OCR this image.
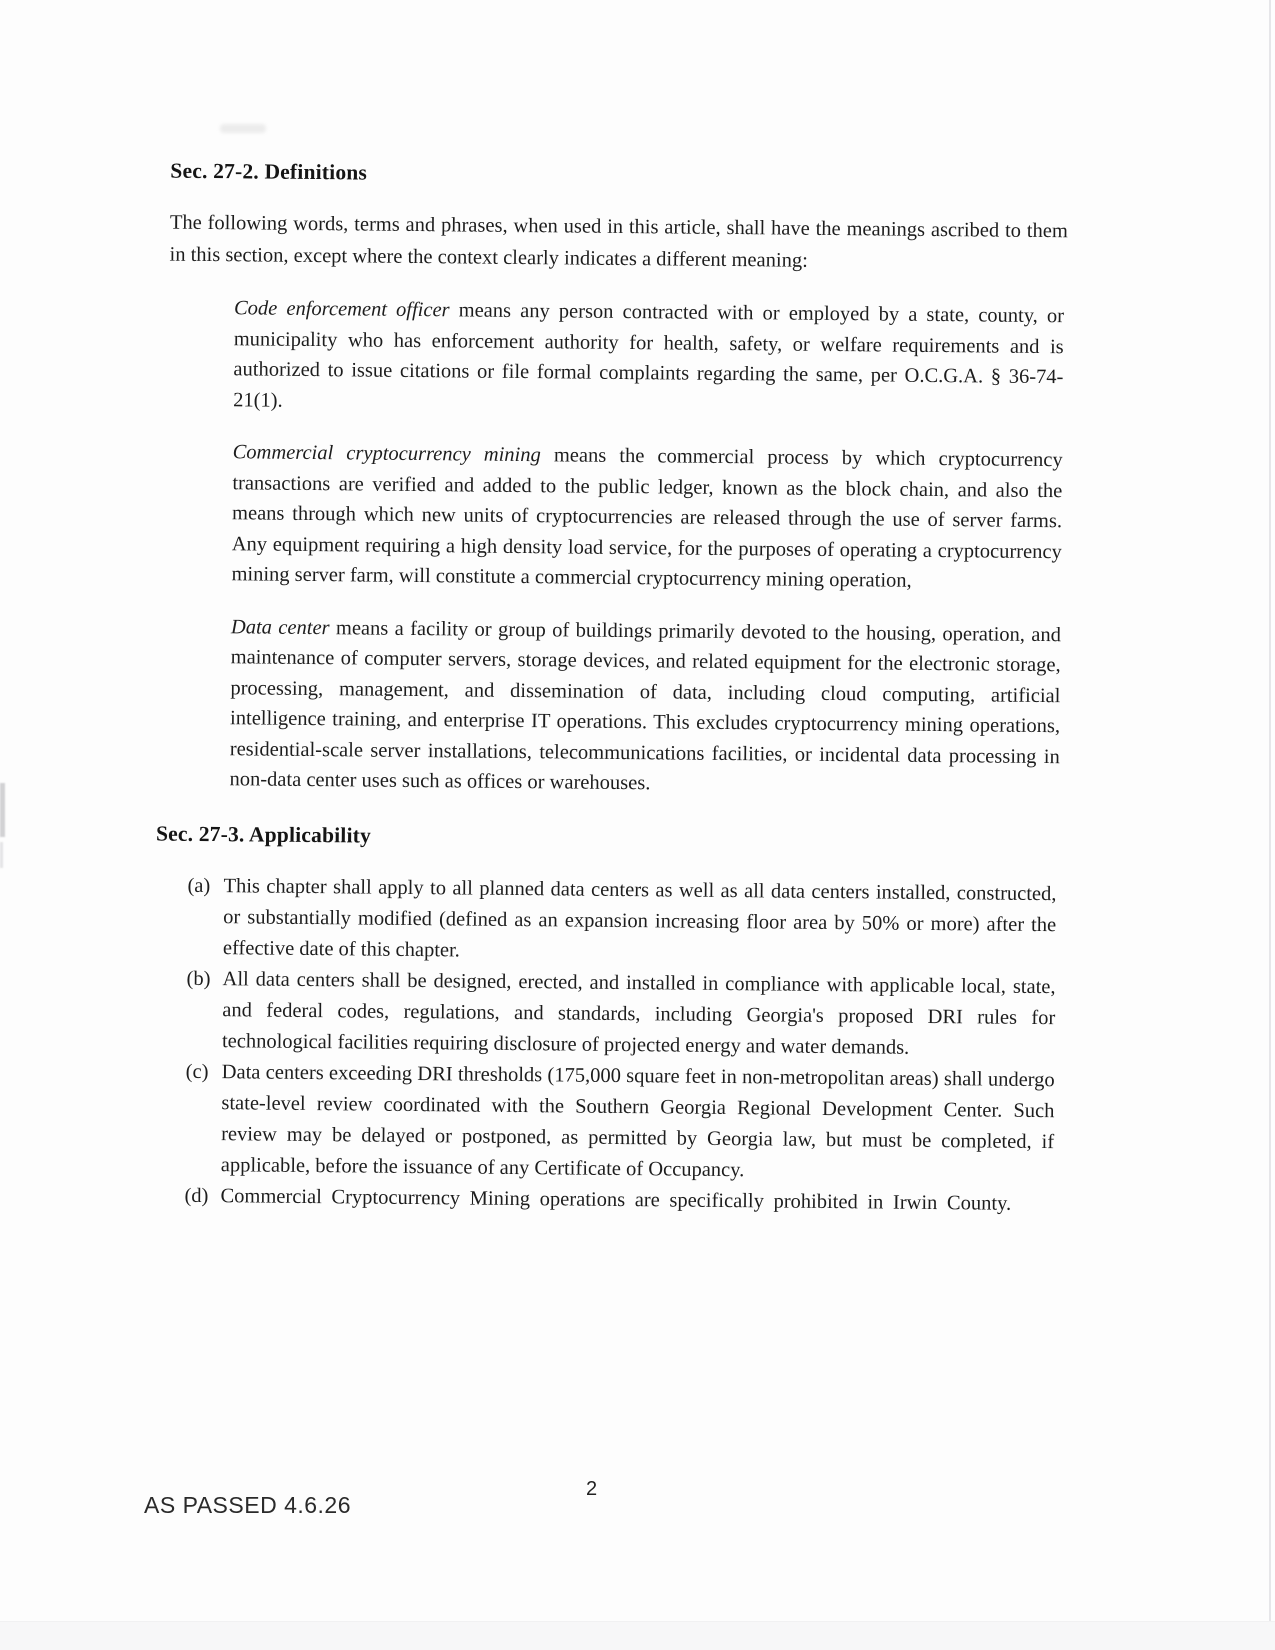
Sec. 27-2. Definitions

The following words, terms and phrases, when used in this article, shall have the meanings ascribed to them in this section, except where the context clearly indicates a different meaning:

Code enforcement officer means any person contracted with or employed by a state, county, or municipality who has enforcement authority for health, safety, or welfare requirements and is authorized to issue citations or file formal complaints regarding the same, per O.C.G.A. § 36-74-21(1).

Commercial cryptocurrency mining means the commercial process by which cryptocurrency transactions are verified and added to the public ledger, known as the block chain, and also the means through which new units of cryptocurrencies are released through the use of server farms. Any equipment requiring a high density load service, for the purposes of operating a cryptocurrency mining server farm, will constitute a commercial cryptocurrency mining operation,

Data center means a facility or group of buildings primarily devoted to the housing, operation, and maintenance of computer servers, storage devices, and related equipment for the electronic storage, processing, management, and dissemination of data, including cloud computing, artificial intelligence training, and enterprise IT operations. This excludes cryptocurrency mining operations, residential-scale server installations, telecommunications facilities, or incidental data processing in non-data center uses such as offices or warehouses.

Sec. 27-3. Applicability
(a) This chapter shall apply to all planned data centers as well as all data centers installed, constructed, or substantially modified (defined as an expansion increasing floor area by 50% or more) after the effective date of this chapter.

(b) All data centers shall be designed, erected, and installed in compliance with applicable local, state, and federal codes, regulations, and standards, including Georgia's proposed DRI rules for technological facilities requiring disclosure of projected energy and water demands.

(c) Data centers exceeding DRI thresholds (175,000 square feet in non-metropolitan areas) shall undergo state-level review coordinated with the Southern Georgia Regional Development Center. Such review may be delayed or postponed, as permitted by Georgia law, but must be completed, if applicable, before the issuance of any Certificate of Occupancy.

(d) Commercial Cryptocurrency Mining operations are specifically prohibited in Irwin County.

2
AS PASSED 4.6.26
